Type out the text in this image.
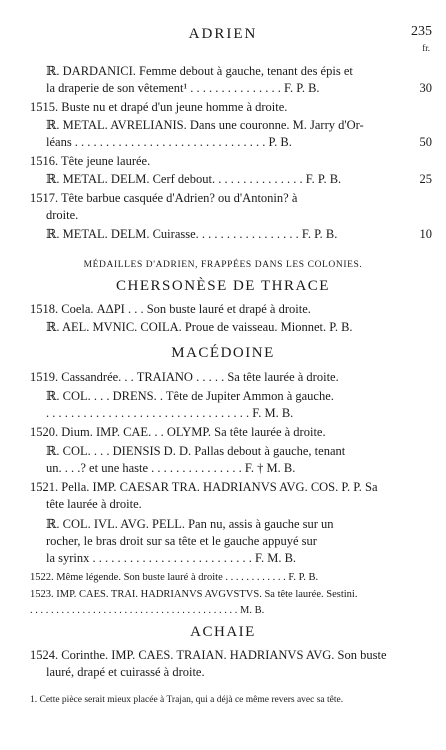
ADRIEN	235
fr.
ℝ. DARDANICI. Femme debout à gauche, tenant des épis et
la draperie de son vêtement¹ . . . . . . . . . . . . . . . F. P. B.	30
1515. Buste nu et drapé d'un jeune homme à droite.
ℝ. METAL. AVRELIANIS. Dans une couronne. M. Jarry d'Or-
léans . . . . . . . . . . . . . . . . . . . . . . . . . . . . . . . P. B.	50
1516. Tête jeune laurée.
ℝ. METAL. DELM. Cerf debout. . . . . . . . . . . . . . . F. P. B.	25
1517. Tête barbue casquée d'Adrien? ou d'Antonin? à
droite.
ℝ. METAL. DELM. Cuirasse. . . . . . . . . . . . . . . . . F. P. B.	10
MÉDAILLES D'ADRIEN, FRAPPÉES DANS LES COLONIES.
CHERSONÈSE DE THRACE
1518. Coela. ΑΔΡΙ . . . Son buste lauré et drapé à droite.
ℝ. AEL. MVNIC. COILA. Proue de vaisseau. Mionnet. P. B.
MACÉDOINE
1519. Cassandrée. . . TRAIANO . . . . . Sa tête laurée à droite.
ℝ. COL. . . . DRENS. . Tête de Jupiter Ammon à gauche.
. . . . . . . . . . . . . . . . . . . . . . . . . . . . . . . . . F. M. B.
1520. Dium. IMP. CAE. . . OLYMP. Sa tête laurée à droite.
ℝ. COL. . . . DIENSIS D. D. Pallas debout à gauche, tenant
un. . . .? et une haste . . . . . . . . . . . . . . . F. † M. B.
1521. Pella. IMP. CAESAR TRA. HADRIANVS AVG. COS. P. P. Sa
tête laurée à droite.
ℝ. COL. IVL. AVG. PELL. Pan nu, assis à gauche sur un
rocher, le bras droit sur sa tête et le gauche appuyé sur
la syrinx . . . . . . . . . . . . . . . . . . . . . . . . . . F. M. B.
1522. Même légende. Son buste lauré à droite . . . . . . . . . . . . F. P. B.
1523. IMP. CAES. TRAI. HADRIANVS AVGVSTVS. Sa tête laurée. Sestini.
. . . . . . . . . . . . . . . . . . . . . . . . . . . . . . . . . . . . . . . . M. B.
ACHAIE
1524. Corinthe. IMP. CAES. TRAIAN. HADRIANVS AVG. Son buste
lauré, drapé et cuirassé à droite.
1. Cette pièce serait mieux placée à Trajan, qui a déjà ce même revers avec sa tête.
